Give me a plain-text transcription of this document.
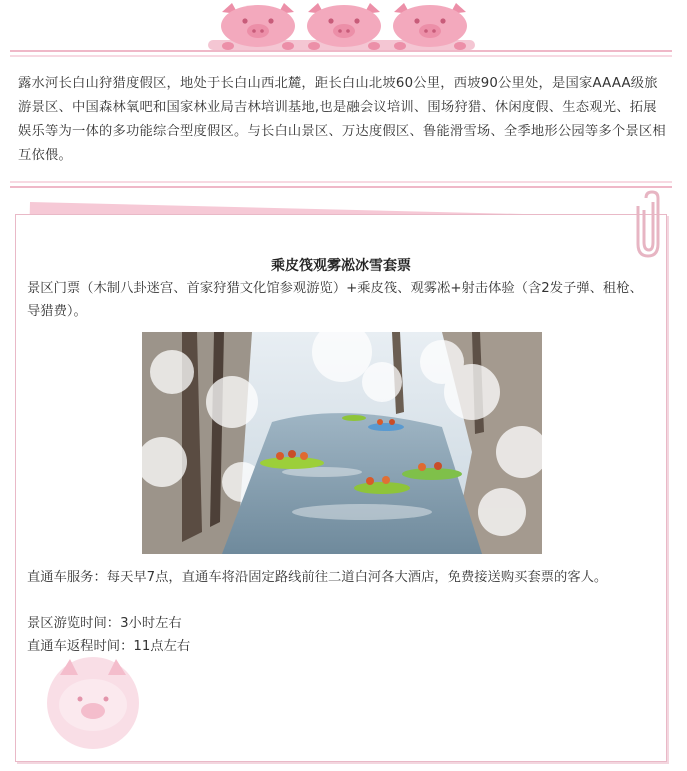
露水河长白山狩猎度假区，地处于长白山西北麓，距长白山北坡60公里，西坡90公里处，是国家AAAA级旅游景区、中国森林氧吧和国家林业局吉林培训基地,也是融会议培训、围场狩猎、休闲度假、生态观光、拓展娱乐等为一体的多功能综合型度假区。与长白山景区、万达度假区、鲁能滑雪场、全季地形公园等多个景区相互依偎。

乘皮筏观雾凇冰雪套票

景区门票（木制八卦迷宫、首家狩猎文化馆参观游览）+乘皮筏、观雾凇+射击体验（含2发子弹、租枪、导猎费）。

直通车服务：每天早7点，直通车将沿固定路线前往二道白河各大酒店，免费接送购买套票的客人。

景区游览时间：3小时左右

直通车返程时间：11点左右
